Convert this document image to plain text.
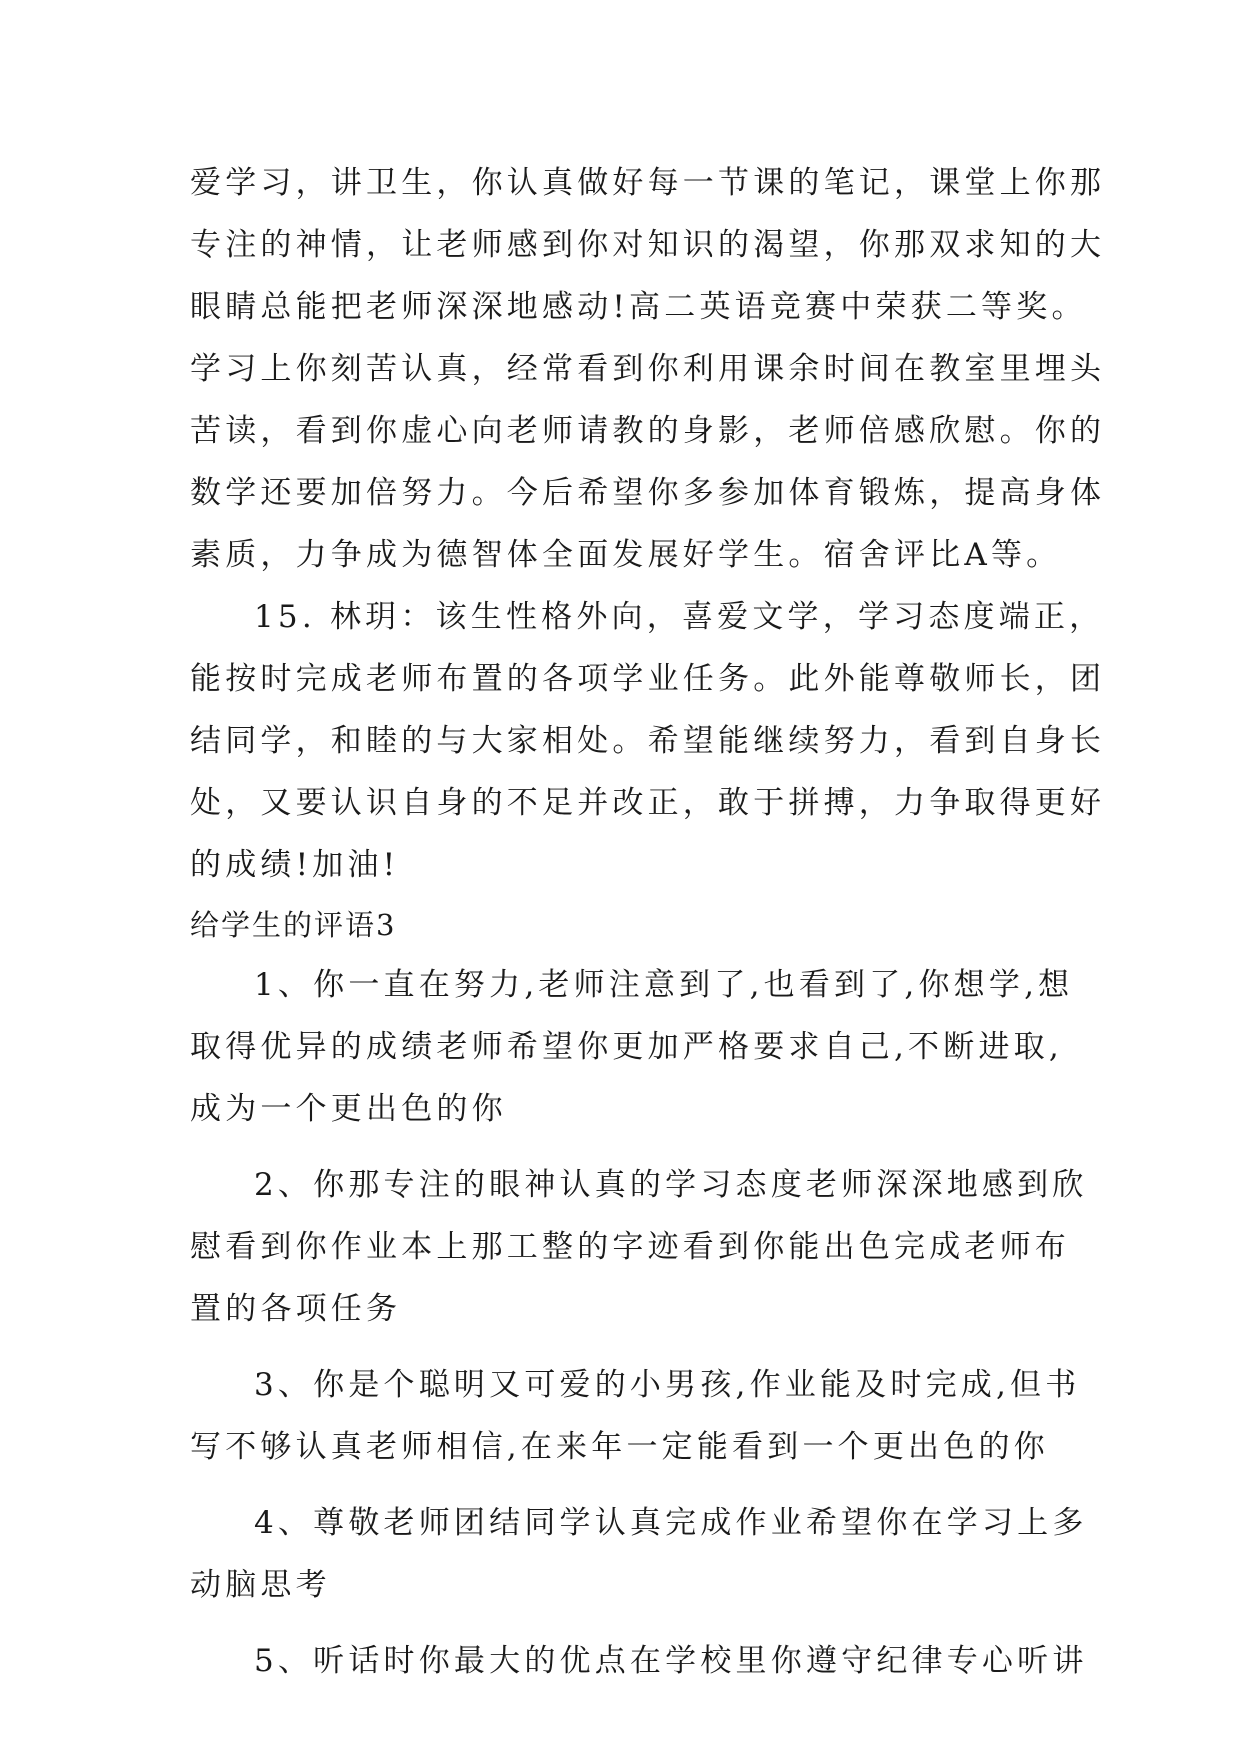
爱学习，讲卫生，你认真做好每一节课的笔记，课堂上你那
专注的神情，让老师感到你对知识的渴望，你那双求知的大
眼睛总能把老师深深地感动!高二英语竞赛中荣获二等奖。
学习上你刻苦认真，经常看到你利用课余时间在教室里埋头
苦读，看到你虚心向老师请教的身影，老师倍感欣慰。你的
数学还要加倍努力。今后希望你多参加体育锻炼，提高身体
素质，力争成为德智体全面发展好学生。宿舍评比A等。
15. 林玥：该生性格外向，喜爱文学，学习态度端正，
能按时完成老师布置的各项学业任务。此外能尊敬师长，团
结同学，和睦的与大家相处。希望能继续努力，看到自身长
处，又要认识自身的不足并改正，敢于拼搏，力争取得更好
的成绩!加油!
给学生的评语3
1、你一直在努力,老师注意到了,也看到了,你想学,想
取得优异的成绩老师希望你更加严格要求自己,不断进取,
成为一个更出色的你
2、你那专注的眼神认真的学习态度老师深深地感到欣
慰看到你作业本上那工整的字迹看到你能出色完成老师布
置的各项任务
3、你是个聪明又可爱的小男孩,作业能及时完成,但书
写不够认真老师相信,在来年一定能看到一个更出色的你
4、尊敬老师团结同学认真完成作业希望你在学习上多
动脑思考
5、听话时你最大的优点在学校里你遵守纪律专心听讲
